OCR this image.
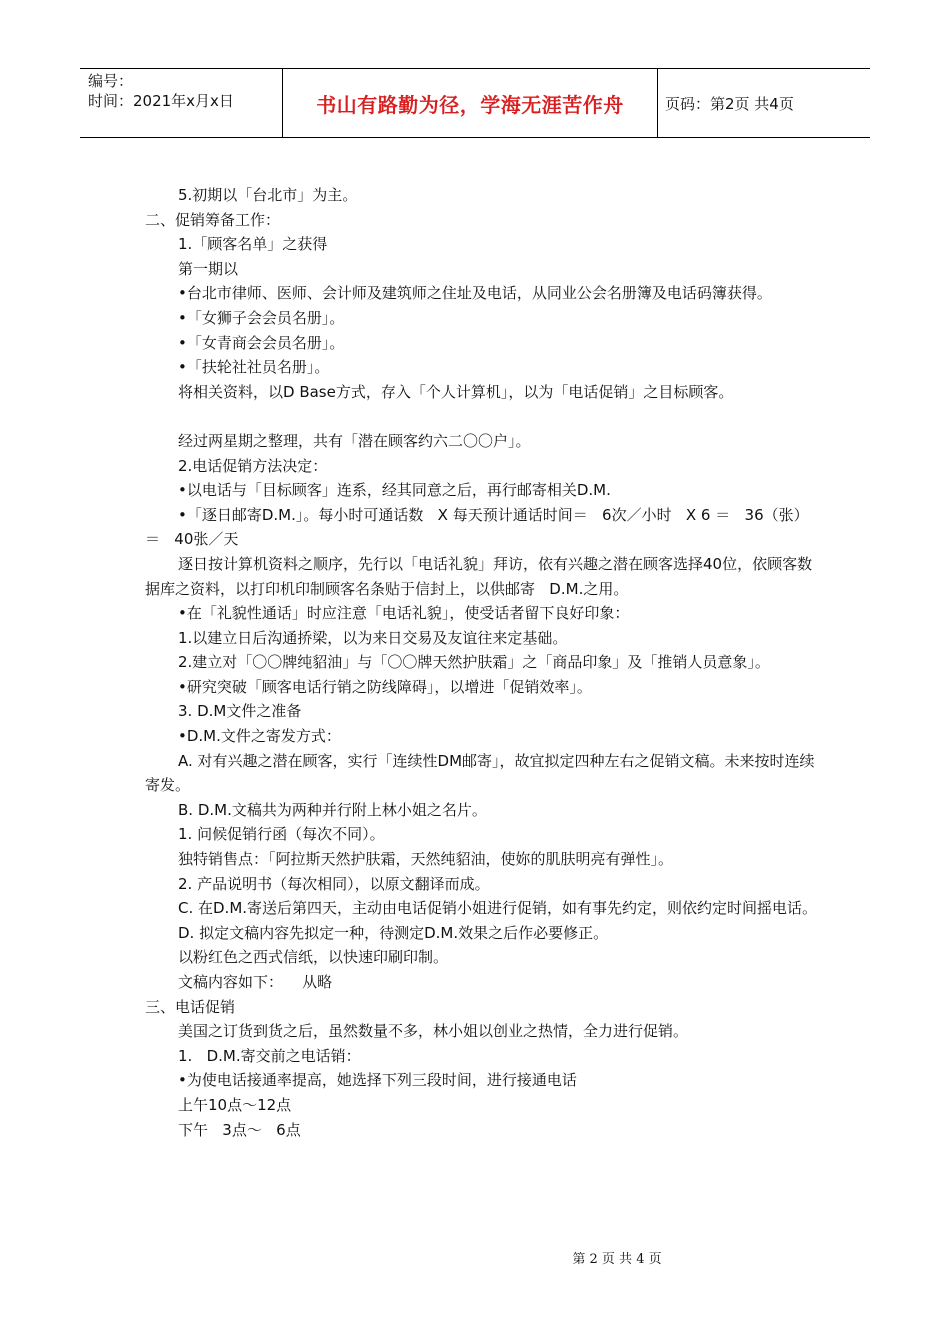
编号：
时间：2021年x月x日	书山有路勤为径，学海无涯苦作舟	页码：第2页 共4页

5.初期以「台北市」为主。

二、促销筹备工作：

1.「顾客名单」之获得

第一期以

•台北市律师、医师、会计师及建筑师之住址及电话，从同业公会名册簿及电话码簿获得。

•「女狮子会会员名册」。

•「女青商会会员名册」。

•「扶轮社社员名册」。

将相关资料，以D Base方式，存入「个人计算机」，以为「电话促销」之目标顾客。

经过两星期之整理，共有「潜在顾客约六二〇〇户」。

2.电话促销方法决定：

•以电话与「目标顾客」连系，经其同意之后，再行邮寄相关D.M.

•「逐日邮寄D.M.」。每小时可通话数   X 每天预计通话时间＝   6次／小时   X 6 ＝   36（张）   ＝   40张／天

逐日按计算机资料之顺序，先行以「电话礼貌」拜访，依有兴趣之潜在顾客选择40位，依顾客数据库之资料，以打印机印制顾客名条贴于信封上，以供邮寄   D.M.之用。

•在「礼貌性通话」时应注意「电话礼貌」，使受话者留下良好印象：

1.以建立日后沟通挢梁，以为来日交易及友谊往来定基础。

2.建立对「〇〇牌纯貂油」与「〇〇牌天然护肤霜」之「商品印象」及「推销人员意象」。

•研究突破「顾客电话行销之防线障碍」，以增进「促销效率」。

3. D.M文件之准备

•D.M.文件之寄发方式：

A. 对有兴趣之潜在顾客，实行「连续性DM邮寄」，故宜拟定四种左右之促销文稿。未来按时连续寄发。

B. D.M.文稿共为两种并行附上林小姐之名片。

1. 问候促销行函（每次不同）。

独特销售点：「阿拉斯天然护肤霜，天然纯貂油，使妳的肌肤明亮有弹性」。

2. 产品说明书（每次相同），以原文翻译而成。

C. 在D.M.寄送后第四天，主动由电话促销小姐进行促销，如有事先约定，则依约定时间摇电话。

D. 拟定文稿内容先拟定一种，待测定D.M.效果之后作必要修正。

以粉红色之西式信纸，以快速印刷印制。

文稿内容如下：    从略

三、电话促销

美国之订货到货之后，虽然数量不多，林小姐以创业之热情，全力进行促销。

1.   D.M.寄交前之电话销：

•为使电话接通率提高，她选择下列三段时间，进行接通电话

上午10点～12点

下午   3点～   6点

第 2 页 共 4 页
